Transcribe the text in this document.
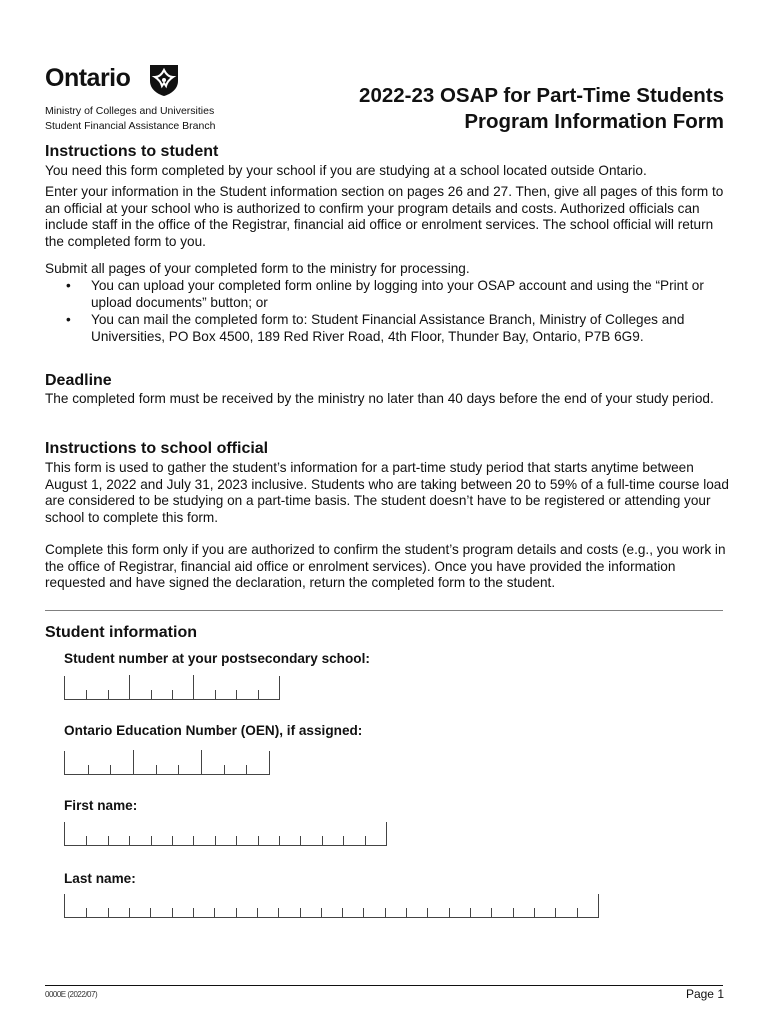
Ontario
Ministry of Colleges and Universities
Student Financial Assistance Branch
2022-23 OSAP for Part-Time Students
Program Information Form
Instructions to student
You need this form completed by your school if you are studying at a school located outside Ontario.
Enter your information in the Student information section on pages 26 and 27. Then, give all pages of this form to an official at your school who is authorized to confirm your program details and costs. Authorized officials can include staff in the office of the Registrar, financial aid office or enrolment services. The school official will return the completed form to you.
Submit all pages of your completed form to the ministry for processing.
•	You can upload your completed form online by logging into your OSAP account and using the “Print or upload documents” button; or
•	You can mail the completed form to: Student Financial Assistance Branch, Ministry of Colleges and Universities, PO Box 4500, 189 Red River Road, 4th Floor, Thunder Bay, Ontario, P7B 6G9.
Deadline
The completed form must be received by the ministry no later than 40 days before the end of your study period.
Instructions to school official
This form is used to gather the student’s information for a part-time study period that starts anytime between August 1, 2022 and July 31, 2023 inclusive. Students who are taking between 20 to 59% of a full-time course load are considered to be studying on a part-time basis. The student doesn’t have to be registered or attending your school to complete this form.
Complete this form only if you are authorized to confirm the student’s program details and costs (e.g., you work in the office of Registrar, financial aid office or enrolment services). Once you have provided the information requested and have signed the declaration, return the completed form to the student.
Student information
Student number at your postsecondary school:
Ontario Education Number (OEN), if assigned:
First name:
Last name:
0000E (2022/07)	Page 1
